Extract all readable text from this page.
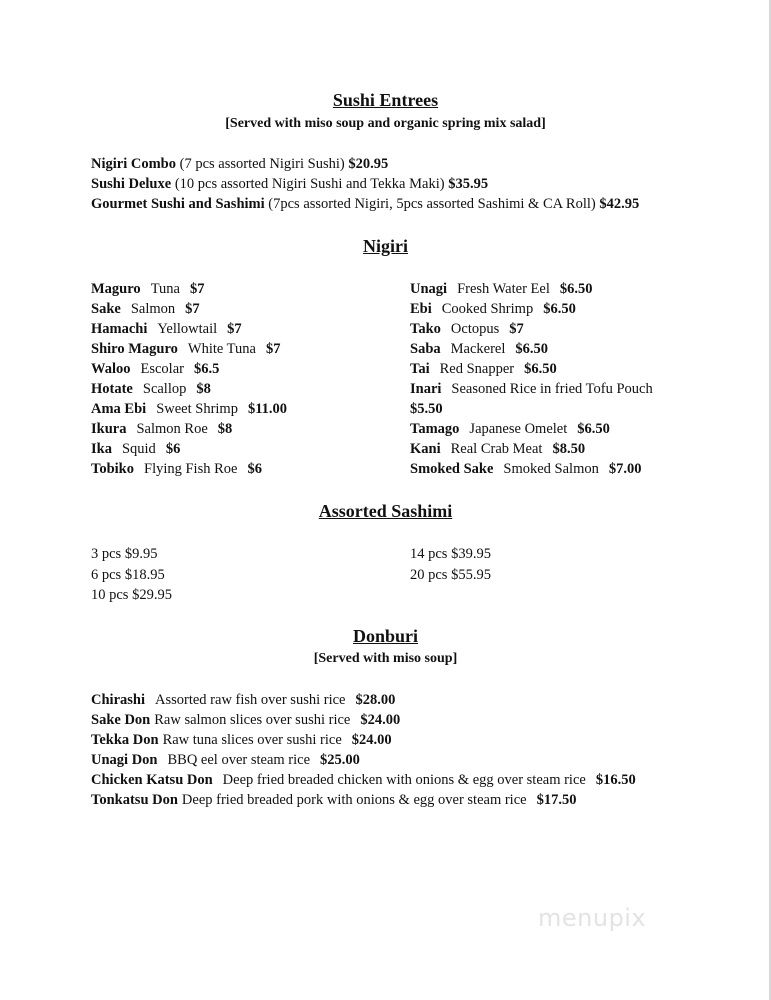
Sushi Entrees

[Served with miso soup and organic spring mix salad]

Nigiri Combo (7 pcs assorted Nigiri Sushi) $20.95
Sushi Deluxe (10 pcs assorted Nigiri Sushi and Tekka Maki) $35.95
Gourmet Sushi and Sashimi (7pcs assorted Nigiri, 5pcs assorted Sashimi & CA Roll) $42.95
Nigiri
Maguro Tuna $7
Sake Salmon $7
Hamachi Yellowtail $7
Shiro Maguro White Tuna $7
Waloo Escolar $6.5
Hotate Scallop $8
Ama Ebi Sweet Shrimp $11.00
Ikura Salmon Roe $8
Ika Squid $6
Tobiko Flying Fish Roe $6
Unagi Fresh Water Eel $6.50
Ebi Cooked Shrimp $6.50
Tako Octopus $7
Saba Mackerel $6.50
Tai Red Snapper $6.50
Inari Seasoned Rice in fried Tofu Pouch
$5.50
Tamago Japanese Omelet $6.50
Kani Real Crab Meat $8.50
Smoked Sake Smoked Salmon $7.00
Assorted Sashimi
3 pcs $9.95
6 pcs $18.95
10 pcs $29.95
14 pcs $39.95
20 pcs $55.95
Donburi

[Served with miso soup]

Chirashi Assorted raw fish over sushi rice $28.00
Sake Don Raw salmon slices over sushi rice $24.00
Tekka Don Raw tuna slices over sushi rice $24.00
Unagi Don BBQ eel over steam rice $25.00
Chicken Katsu Don Deep fried breaded chicken with onions & egg over steam rice $16.50
Tonkatsu Don Deep fried breaded pork with onions & egg over steam rice $17.50
menupix
